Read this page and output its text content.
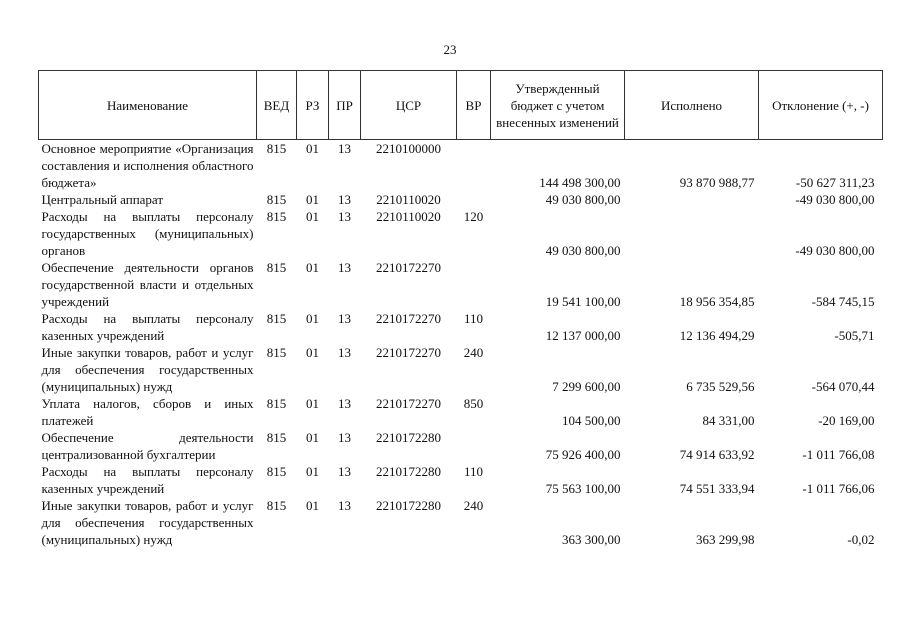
23
Наименование	ВЕД	РЗ	ПР	ЦСР	ВР	Утвержденный бюджет с учетом внесенных изменений	Исполнено	Отклонение (+, -)
Основное мероприятие «Организация составления и исполнения областного бюджета»	815	01	13	2210100000		144 498 300,00	93 870 988,77	-50 627 311,23
Центральный аппарат	815	01	13	2210110020		49 030 800,00		-49 030 800,00
Расходы на выплаты персоналу государственных (муниципальных) органов	815	01	13	2210110020	120	49 030 800,00		-49 030 800,00
Обеспечение деятельности органов государственной власти и отдельных учреждений	815	01	13	2210172270		19 541 100,00	18 956 354,85	-584 745,15
Расходы на выплаты персоналу казенных учреждений	815	01	13	2210172270	110	12 137 000,00	12 136 494,29	-505,71
Иные закупки товаров, работ и услуг для обеспечения государственных (муниципальных) нужд	815	01	13	2210172270	240	7 299 600,00	6 735 529,56	-564 070,44
Уплата налогов, сборов и иных платежей	815	01	13	2210172270	850	104 500,00	84 331,00	-20 169,00
Обеспечение деятельности централизованной бухгалтерии	815	01	13	2210172280		75 926 400,00	74 914 633,92	-1 011 766,08
Расходы на выплаты персоналу казенных учреждений	815	01	13	2210172280	110	75 563 100,00	74 551 333,94	-1 011 766,06
Иные закупки товаров, работ и услуг для обеспечения государственных (муниципальных) нужд	815	01	13	2210172280	240	363 300,00	363 299,98	-0,02
